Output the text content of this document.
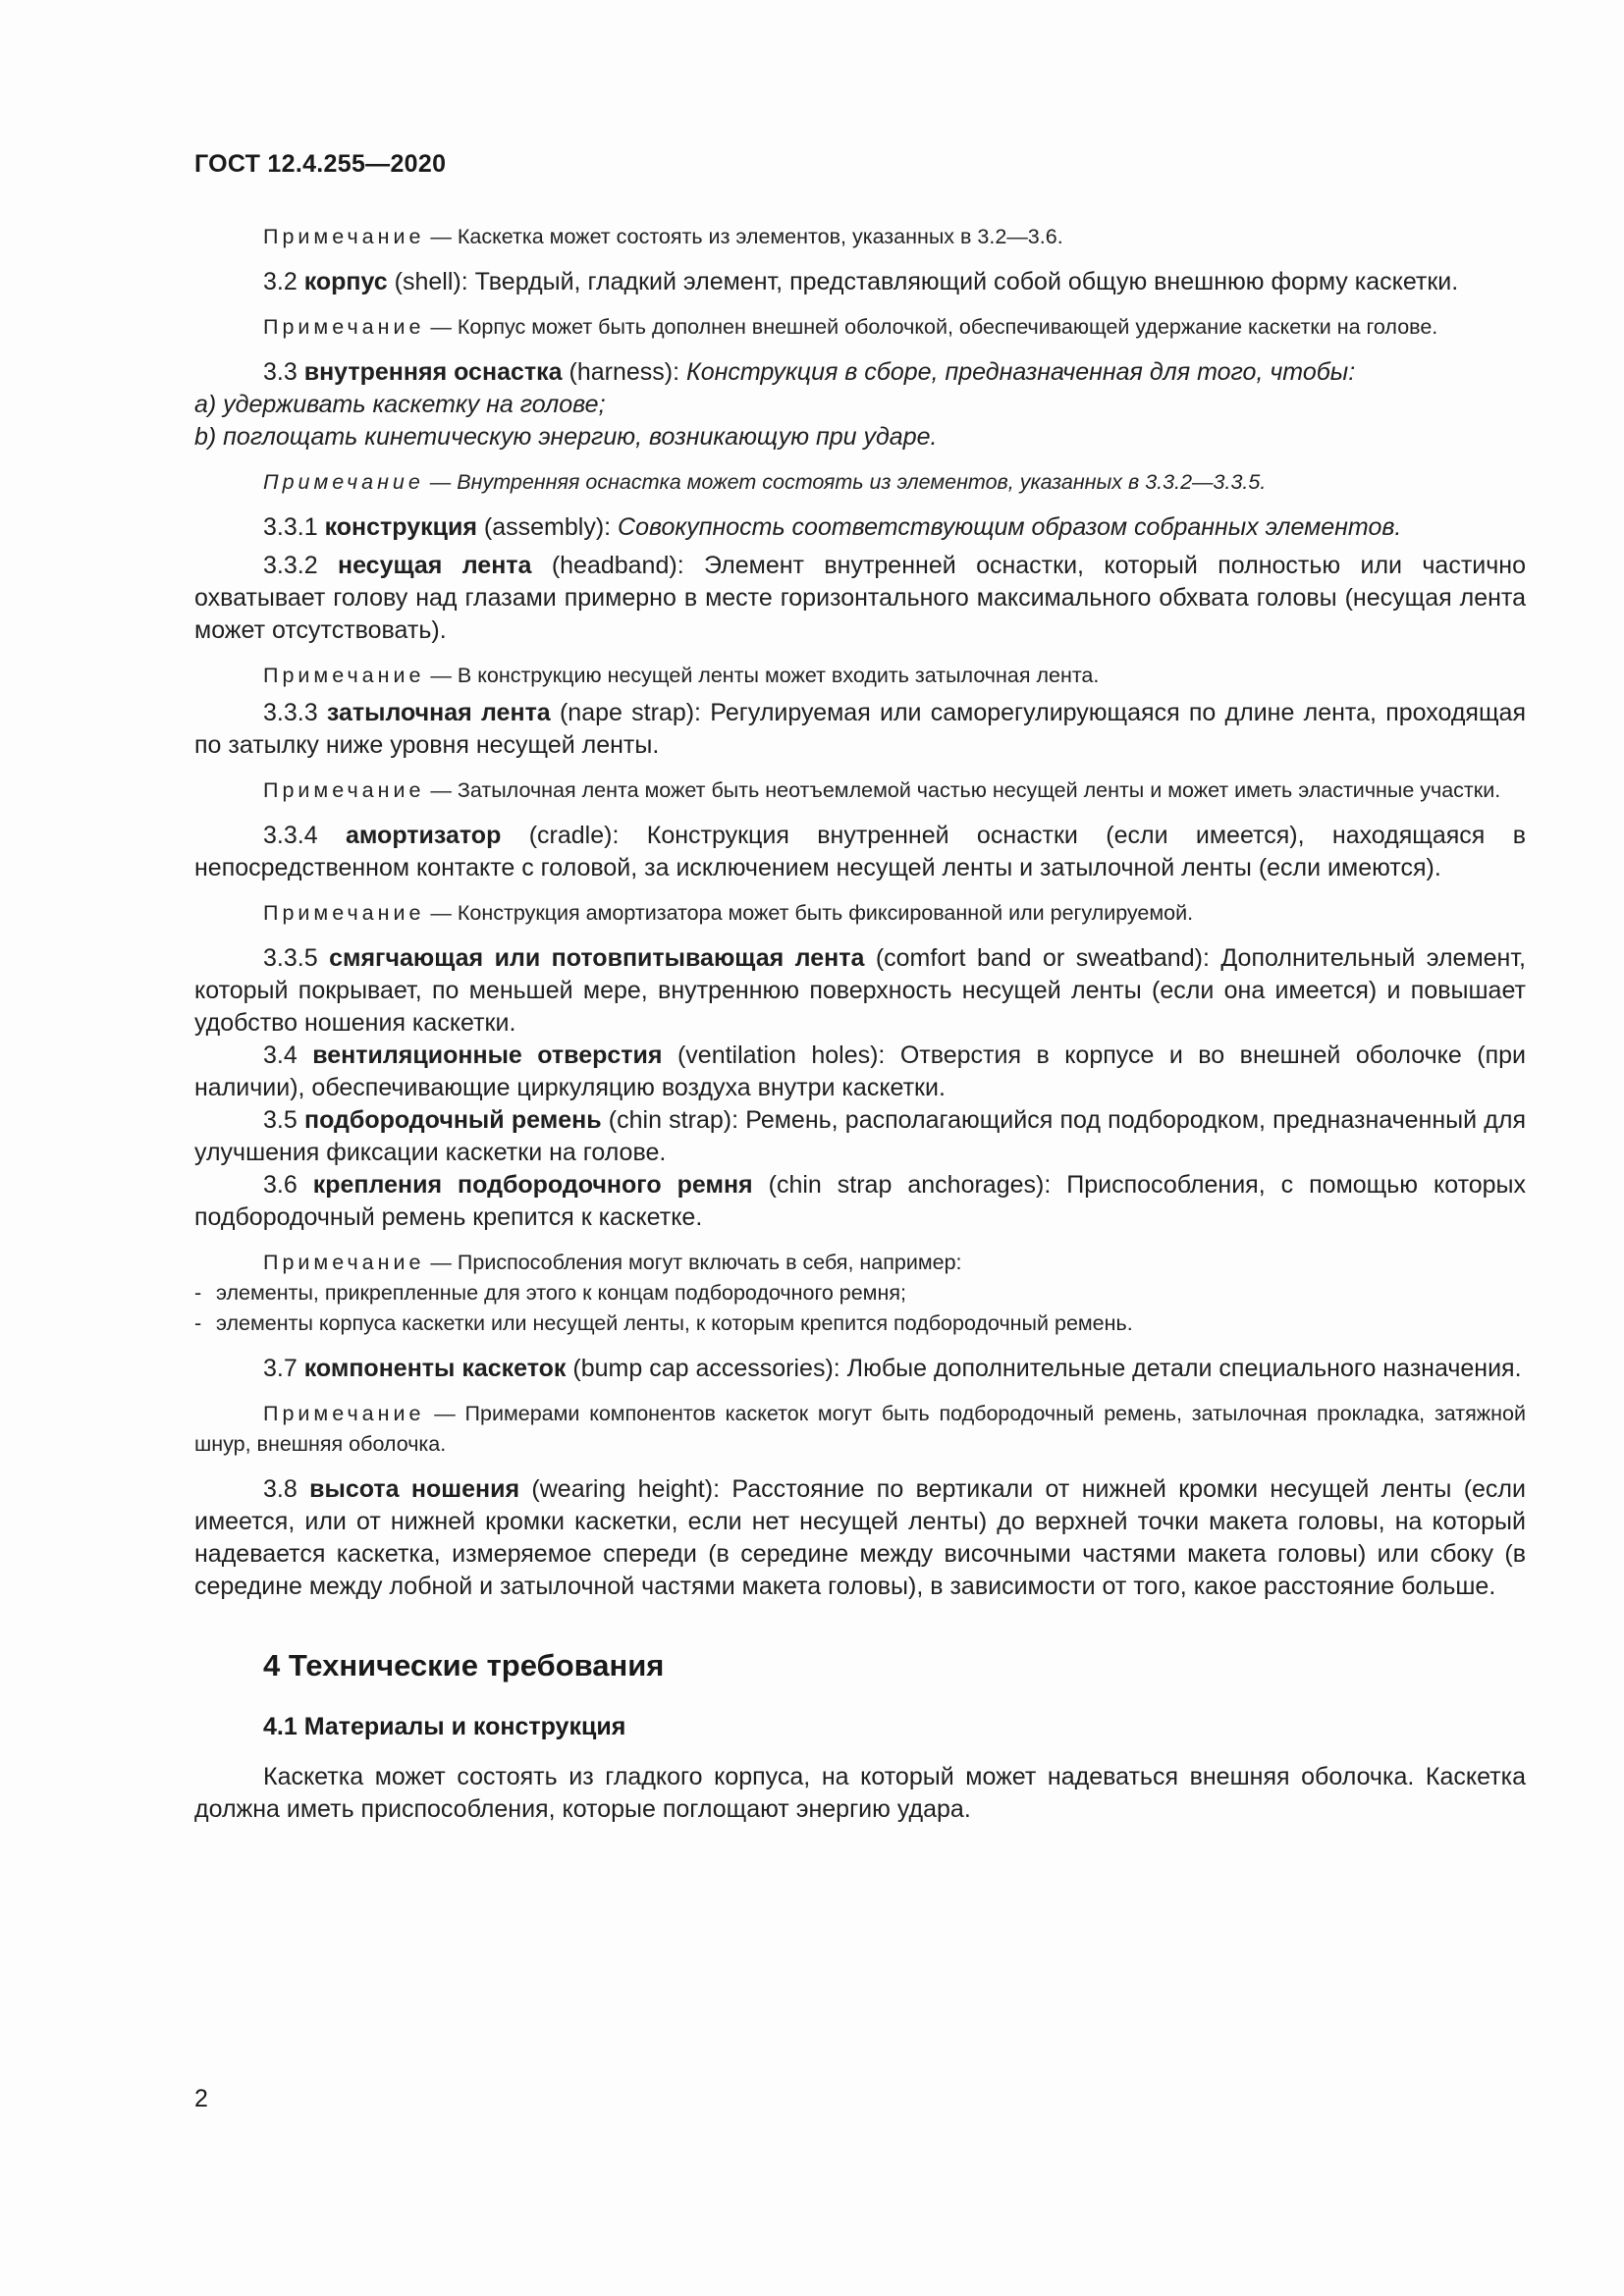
ГОСТ 12.4.255—2020

Примечание — Каскетка может состоять из элементов, указанных в 3.2—3.6.

3.2 корпус (shell): Твердый, гладкий элемент, представляющий собой общую внешнюю форму каскетки.

Примечание — Корпус может быть дополнен внешней оболочкой, обеспечивающей удержание каскетки на голове.

3.3 внутренняя оснастка (harness): Конструкция в сборе, предназначенная для того, чтобы:

a) удерживать каскетку на голове;

b) поглощать кинетическую энергию, возникающую при ударе.

Примечание — Внутренняя оснастка может состоять из элементов, указанных в 3.3.2—3.3.5.

3.3.1 конструкция (assembly): Совокупность соответствующим образом собранных элементов.

3.3.2 несущая лента (headband): Элемент внутренней оснастки, который полностью или частично охватывает голову над глазами примерно в месте горизонтального максимального обхвата головы (несущая лента может отсутствовать).

Примечание — В конструкцию несущей ленты может входить затылочная лента.

3.3.3 затылочная лента (nape strap): Регулируемая или саморегулирующаяся по длине лента, проходящая по затылку ниже уровня несущей ленты.

Примечание — Затылочная лента может быть неотъемлемой частью несущей ленты и может иметь эластичные участки.

3.3.4 амортизатор (cradle): Конструкция внутренней оснастки (если имеется), находящаяся в непосредственном контакте с головой, за исключением несущей ленты и затылочной ленты (если имеются).

Примечание — Конструкция амортизатора может быть фиксированной или регулируемой.

3.3.5 смягчающая или потовпитывающая лента (comfort band or sweatband): Дополнительный элемент, который покрывает, по меньшей мере, внутреннюю поверхность несущей ленты (если она имеется) и повышает удобство ношения каскетки.

3.4 вентиляционные отверстия (ventilation holes): Отверстия в корпусе и во внешней оболочке (при наличии), обеспечивающие циркуляцию воздуха внутри каскетки.

3.5 подбородочный ремень (chin strap): Ремень, располагающийся под подбородком, предназначенный для улучшения фиксации каскетки на голове.

3.6 крепления подбородочного ремня (chin strap anchorages): Приспособления, с помощью которых подбородочный ремень крепится к каскетке.

Примечание — Приспособления могут включать в себя, например:

- элементы, прикрепленные для этого к концам подбородочного ремня;

- элементы корпуса каскетки или несущей ленты, к которым крепится подбородочный ремень.

3.7 компоненты каскеток (bump cap accessories): Любые дополнительные детали специального назначения.

Примечание — Примерами компонентов каскеток могут быть подбородочный ремень, затылочная прокладка, затяжной шнур, внешняя оболочка.

3.8 высота ношения (wearing height): Расстояние по вертикали от нижней кромки несущей ленты (если имеется, или от нижней кромки каскетки, если нет несущей ленты) до верхней точки макета головы, на который надевается каскетка, измеряемое спереди (в середине между височными частями макета головы) или сбоку (в середине между лобной и затылочной частями макета головы), в зависимости от того, какое расстояние больше.

4 Технические требования
4.1 Материалы и конструкция

Каскетка может состоять из гладкого корпуса, на который может надеваться внешняя оболочка. Каскетка должна иметь приспособления, которые поглощают энергию удара.

2
